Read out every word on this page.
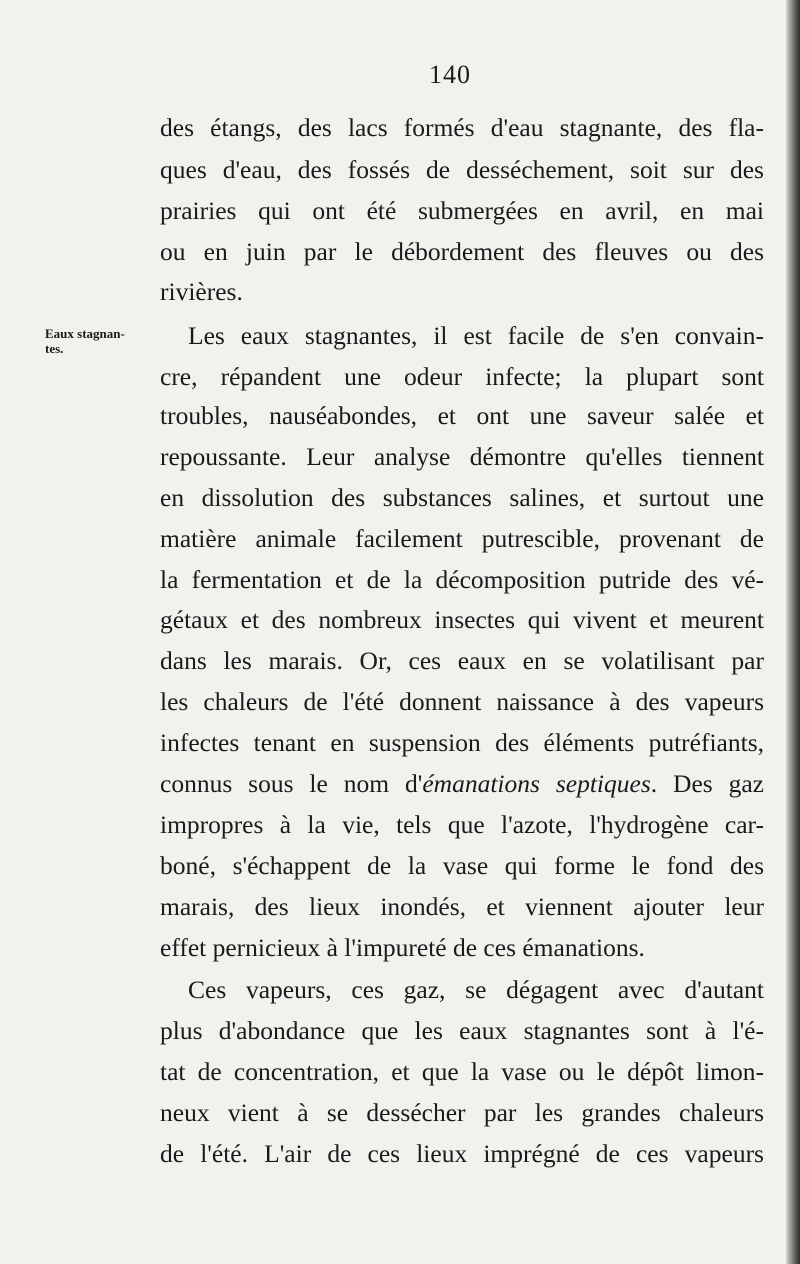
140
Eaux stagnan-
tes.
des étangs, des lacs formés d'eau stagnante, des fla-
ques d'eau, des fossés de desséchement, soit sur des
prairies qui ont été submergées en avril, en mai
ou en juin par le débordement des fleuves ou des
rivières.
Les eaux stagnantes, il est facile de s'en convain-
cre, répandent une odeur infecte; la plupart sont
troubles, nauséabondes, et ont une saveur salée et
repoussante. Leur analyse démontre qu'elles tiennent
en dissolution des substances salines, et surtout une
matière animale facilement putrescible, provenant de
la fermentation et de la décomposition putride des vé-
gétaux et des nombreux insectes qui vivent et meurent
dans les marais. Or, ces eaux en se volatilisant par
les chaleurs de l'été donnent naissance à des vapeurs
infectes tenant en suspension des éléments putréfiants,
connus sous le nom d'émanations septiques. Des gaz
impropres à la vie, tels que l'azote, l'hydrogène car-
boné, s'échappent de la vase qui forme le fond des
marais, des lieux inondés, et viennent ajouter leur
effet pernicieux à l'impureté de ces émanations.
Ces vapeurs, ces gaz, se dégagent avec d'autant
plus d'abondance que les eaux stagnantes sont à l'é-
tat de concentration, et que la vase ou le dépôt limon-
neux vient à se dessécher par les grandes chaleurs
de l'été. L'air de ces lieux imprégné de ces vapeurs
